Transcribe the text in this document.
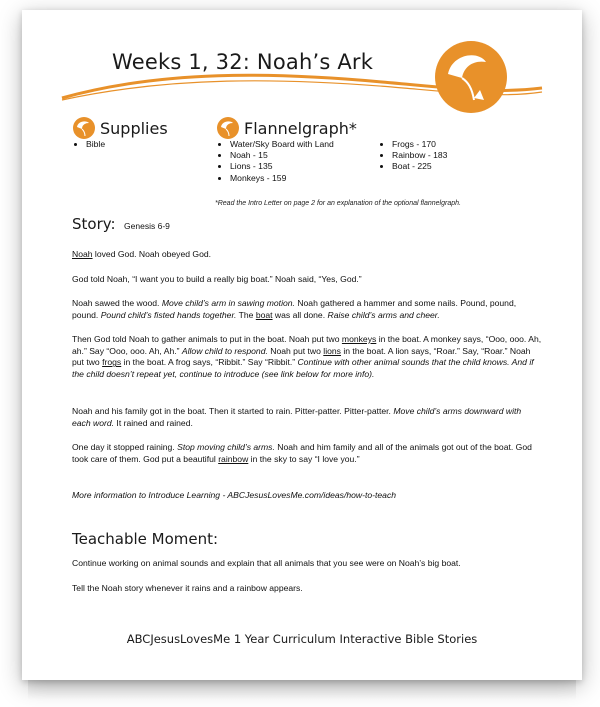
Weeks 1, 32: Noah’s Ark
Supplies
• Bible
Flannelgraph*
• Water/Sky Board with Land
• Noah - 15
• Lions - 135
• Monkeys - 159
• Frogs - 170
• Rainbow - 183
• Boat - 225
*Read the Intro Letter on page 2 for an explanation of the optional flannelgraph.
Story: Genesis 6-9
Noah loved God. Noah obeyed God.
God told Noah, “I want you to build a really big boat.” Noah said, “Yes, God.”
Noah sawed the wood. Move child’s arm in sawing motion. Noah gathered a hammer and some nails. Pound, pound, pound. Pound child’s fisted hands together. The boat was all done. Raise child’s arms and cheer.
Then God told Noah to gather animals to put in the boat. Noah put two monkeys in the boat. A monkey says, “Ooo, ooo. Ah, ah.” Say “Ooo, ooo. Ah, Ah.” Allow child to respond. Noah put two lions in the boat. A lion says, “Roar.” Say, “Roar.” Noah put two frogs in the boat. A frog says, “Ribbit.” Say “Ribbit.” Continue with other animal sounds that the child knows. And if the child doesn’t repeat yet, continue to introduce (see link below for more info).
Noah and his family got in the boat. Then it started to rain. Pitter-patter. Pitter-patter. Move child’s arms downward with each word. It rained and rained.
One day it stopped raining. Stop moving child’s arms. Noah and him family and all of the animals got out of the boat. God took care of them. God put a beautiful rainbow in the sky to say “I love you.”
More information to Introduce Learning - ABCJesusLovesMe.com/ideas/how-to-teach
Teachable Moment:
Continue working on animal sounds and explain that all animals that you see were on Noah’s big boat.
Tell the Noah story whenever it rains and a rainbow appears.
ABCJesusLovesMe 1 Year Curriculum Interactive Bible Stories
